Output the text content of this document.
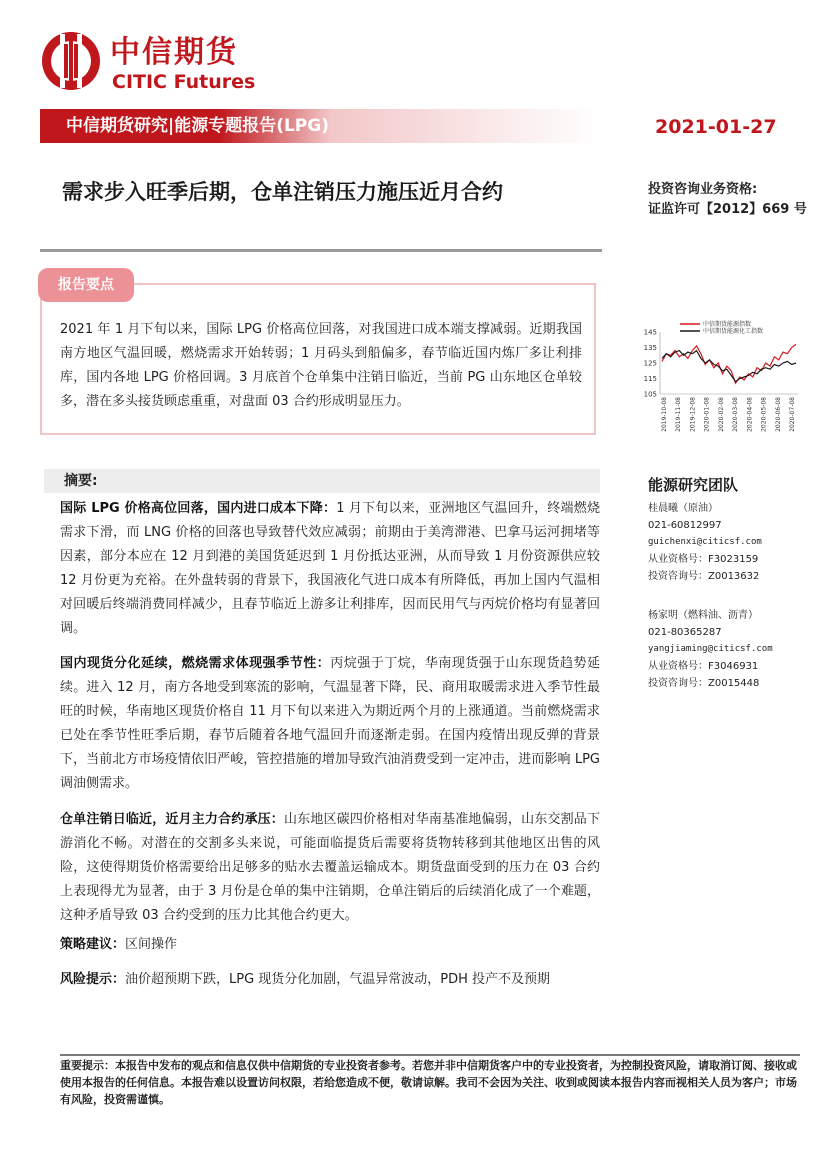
中信期货
CITIC Futures
中信期货研究|能源专题报告(LPG)	2021-01-27
需求步入旺季后期，仓单注销压力施压近月合约	投资咨询业务资格:
证监许可【2012】669 号
报告要点
2021 年 1 月下旬以来，国际 LPG 价格高位回落，对我国进口成本端支撑减弱。近期我国南方地区气温回暖，燃烧需求开始转弱；1 月码头到船偏多，春节临近国内炼厂多让利排库，国内各地 LPG 价格回调。3 月底首个仓单集中注销日临近，当前 PG 山东地区仓单较多，潜在多头接货顾虑重重，对盘面 03 合约形成明显压力。	105
115
125
135
145
2019-10-08 2019-11-08 2019-12-08 2020-01-08 2020-02-08 2020-03-08 2020-04-08 2020-05-08 2020-06-08 2020-07-08
中信期货能源指数
中信期货能源化工指数
摘要:
国际 LPG 价格高位回落，国内进口成本下降：1 月下旬以来，亚洲地区气温回升，终端燃烧需求下滑，而 LNG 价格的回落也导致替代效应减弱；前期由于美湾滞港、巴拿马运河拥堵等因素，部分本应在 12 月到港的美国货延迟到 1 月份抵达亚洲，从而导致 1 月份资源供应较 12 月份更为充裕。在外盘转弱的背景下，我国液化气进口成本有所降低，再加上国内气温相对回暖后终端消费同样减少，且春节临近上游多让利排库，因而民用气与丙烷价格均有显著回调。
国内现货分化延续，燃烧需求体现强季节性：丙烷强于丁烷，华南现货强于山东现货趋势延续。进入 12 月，南方各地受到寒流的影响，气温显著下降，民、商用取暖需求进入季节性最旺的时候，华南地区现货价格自 11 月下旬以来进入为期近两个月的上涨通道。当前燃烧需求已处在季节性旺季后期，春节后随着各地气温回升而逐渐走弱。在国内疫情出现反弹的背景下，当前北方市场疫情依旧严峻，管控措施的增加导致汽油消费受到一定冲击，进而影响 LPG 调油侧需求。
仓单注销日临近，近月主力合约承压：山东地区碳四价格相对华南基准地偏弱，山东交割品下游消化不畅。对潜在的交割多头来说，可能面临提货后需要将货物转移到其他地区出售的风险，这使得期货价格需要给出足够多的贴水去覆盖运输成本。期货盘面受到的压力在 03 合约上表现得尤为显著，由于 3 月份是仓单的集中注销期，仓单注销后的后续消化成了一个难题，这种矛盾导致 03 合约受到的压力比其他合约更大。
策略建议：区间操作
风险提示：油价超预期下跌，LPG 现货分化加剧，气温异常波动，PDH 投产不及预期
能源研究团队
桂晨曦（原油）
021-60812997
guichenxi@citicsf.com
从业资格号：F3023159
投资咨询号：Z0013632
杨家明（燃料油、沥青）
021-80365287
yangjiaming@citicsf.com
从业资格号：F3046931
投资咨询号：Z0015448
重要提示：本报告中发布的观点和信息仅供中信期货的专业投资者参考。若您并非中信期货客户中的专业投资者，为控制投资风险，请取消订阅、接收或使用本报告的任何信息。本报告难以设置访问权限，若给您造成不便，敬请谅解。我司不会因为关注、收到或阅读本报告内容而视相关人员为客户；市场有风险，投资需谨慎。
